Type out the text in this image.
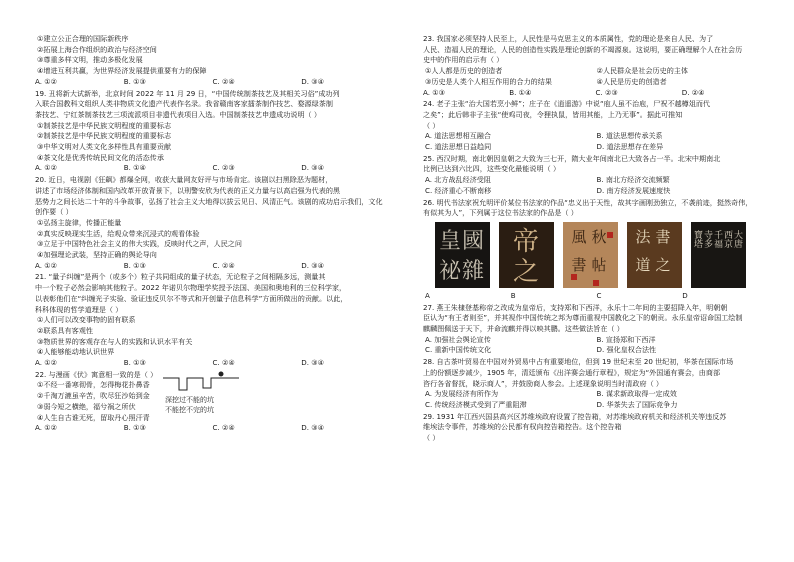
①建立公正合理的国际新秩序
②拓展上海合作组织的政治与经济空间
③尊重多样文明，推动多极化发展
④增进互利共赢，为世界经济发展提供重要有力的保障
A. ①②	B. ①③	C. ②④	D. ③④
19. 丑将新大试新举，北京时间 2022 年 11 月 29 日，“中国传统制茶技艺及其相关习俗”成功列
入联合国教科文组织人类非物质文化遗产代表作名录。我省赣南客家擂茶制作技艺、婺源绿茶制
茶技艺、宁红茶制茶技艺三项流派项目非遗代表项目入选。中国制茶技艺申遗成功说明（ ）
①制茶技艺是中华民族文明程度的重要标志
②制茶技艺是中华民族文明程度的重要标志
③中华文明对人类文化多样性具有重要贡献
④茶文化是优秀传统民间文化的活态传承
A. ①②	B. ①④	C. ②③	D. ③④
20. 近日，电视剧《狂飙》都爆全网，收获大量网友好评与市场肯定。该剧以扫黑除恶为题材，
讲述了市场经济体制和国内改革开放背景下，以刑警安欣为代表的正义力量与以高启强为代表的黑
恶势力之间长达二十年的斗争故事，弘扬了社会主义大地得以拔云见日、风清正气。该剧的成功启示我们，文化
创作要（ ）
①弘扬主旋律，传播正能量
②真实反映现实生活，给观众带来沉浸式的观看体验
③立足于中国特色社会主义的伟大实践，反映时代之声，人民之问
④加强理论武装，坚持正确的舆论导向
A. ①②	B. ①③	C. ②④	D. ③④
21. “量子纠缠”是两个（或多个）粒子共同组成的量子状态，无论粒子之间相隔多远，测量其
中一个粒子必然会影响其他粒子。2022 年诺贝尔物理学奖授予法国、美国和奥地利的三位科学家，
以表彰他们在“纠缠光子实验、验证违反贝尔不等式和开创量子信息科学”方面所做出的贡献。以此，
科科体现的哲学道理是（ ）
①人们可以改变事物的固有联系
②联系具有客观性
③物质世界的客观存在与人的实践和认识水平有关
④人能够能动地认识世界
A. ①②	B. ①③	C. ②④	D. ③④
22. 与漫画《伏》寓意相一致的是（ ）
深挖过不能的坑
不能挖不完的坑
①不经一番寒彻骨，怎得梅花扑鼻香
②千淘万漉虽辛苦，吹尽狂沙始到金
③弱今短之横绝，福兮祸之所伏
④人生自古谁无死，留取丹心照汗青
A. ①②	B. ①③	C. ②④	D. ③④
23. 我国家必须坚持人民至上，人民性是马克思主义的本质属性，党的理论是来自人民、为了
人民、造福人民的理论，人民的创造性实践是理论创新的不竭源泉。这说明，要正确理解个人在社会历
史中的作用的启示有（ ）
①人人都是历史的创造者	②人民群众是社会历史的主体
③历史是人类个人相互作用的合力的结果	④人民是历史的创造者
A. ①③	B. ①④	C. ②③	D. ②④
24. 老子主张“治大国若烹小鲜”；庄子在《逍遥游》中说“庖人虽不治庖，尸祝不越樽俎而代
之矣”；此后韩非子主张“使鸡司夜，令狸执鼠，皆用其能，上乃无事”。据此可推知
（ ）
A. 道法思想相互融合	B. 道法思想传承关系
C. 道法思想日益趋同	D. 道法思想存在差异
25. 西汉时期，南北朝因皇朝之大致为三七开，隋大业年间南北已大致各占一半。北宋中期南北
比例已达到六比四，这些变化最能说明（ ）
A. 北方战乱经济受阻	B. 南北方经济交流频繁
C. 经济重心不断南移	D. 南方经济发展速度快
26. 明代书法家祝允明评价某位书法家的作品“忠义出于天性，故其字画刚劲独立，不袭前迹，挺然奇伟，
有似其为人”，下列属于这位书法家的作品是（ ）
國
皇
雜
祕
帝
之
秋
風
帖
書
書
法
之
道
大唐
西京
千福
寺多
寶塔
A	B	C	D
27. 燕王朱棣登基称帝之改成为皇帝后，支持郑和下西洋，永乐十二年间的主要招降入年，明朝朝
臣认为“有王者则至”，并其视作中国传统之邦为尊而重视中国教化之下的朝贡。永乐皇帝诏命国工绘制
麒麟图佩送于天下，并命流麒并得以映其鹏。这些做法旨在（ ）
A. 加强社会舆论宣传	B. 宣扬郑和下西洋
C. 重新中国传统文化	D. 强化皇权合法性
28. 自古茶叶贸易在中国对外贸易中占有重要地位，但到 19 世纪末至 20 世纪初，华茶在国际市场
上的份额逐步减少，1905 年，清廷颁布《出洋赛会通行章程》，规定为“外国通有赛会，由商部
咨行各省督抚，晓示商人”，并鼓励商人参会。上述现象说明当时清政府（ ）
A. 为发展经济有所作为	B. 谋求新政取得一定成效
C. 传统经济模式受到了严重阻滞	D. 华茶失去了国际竞争力
29. 1931 年江西兴国县高兴区苏维埃政府设置了控告箱，对苏维埃政府机关和经济机关等违反苏
维埃法令事件，苏维埃的公民都有权向控告箱控告。这个控告箱
（ ）
